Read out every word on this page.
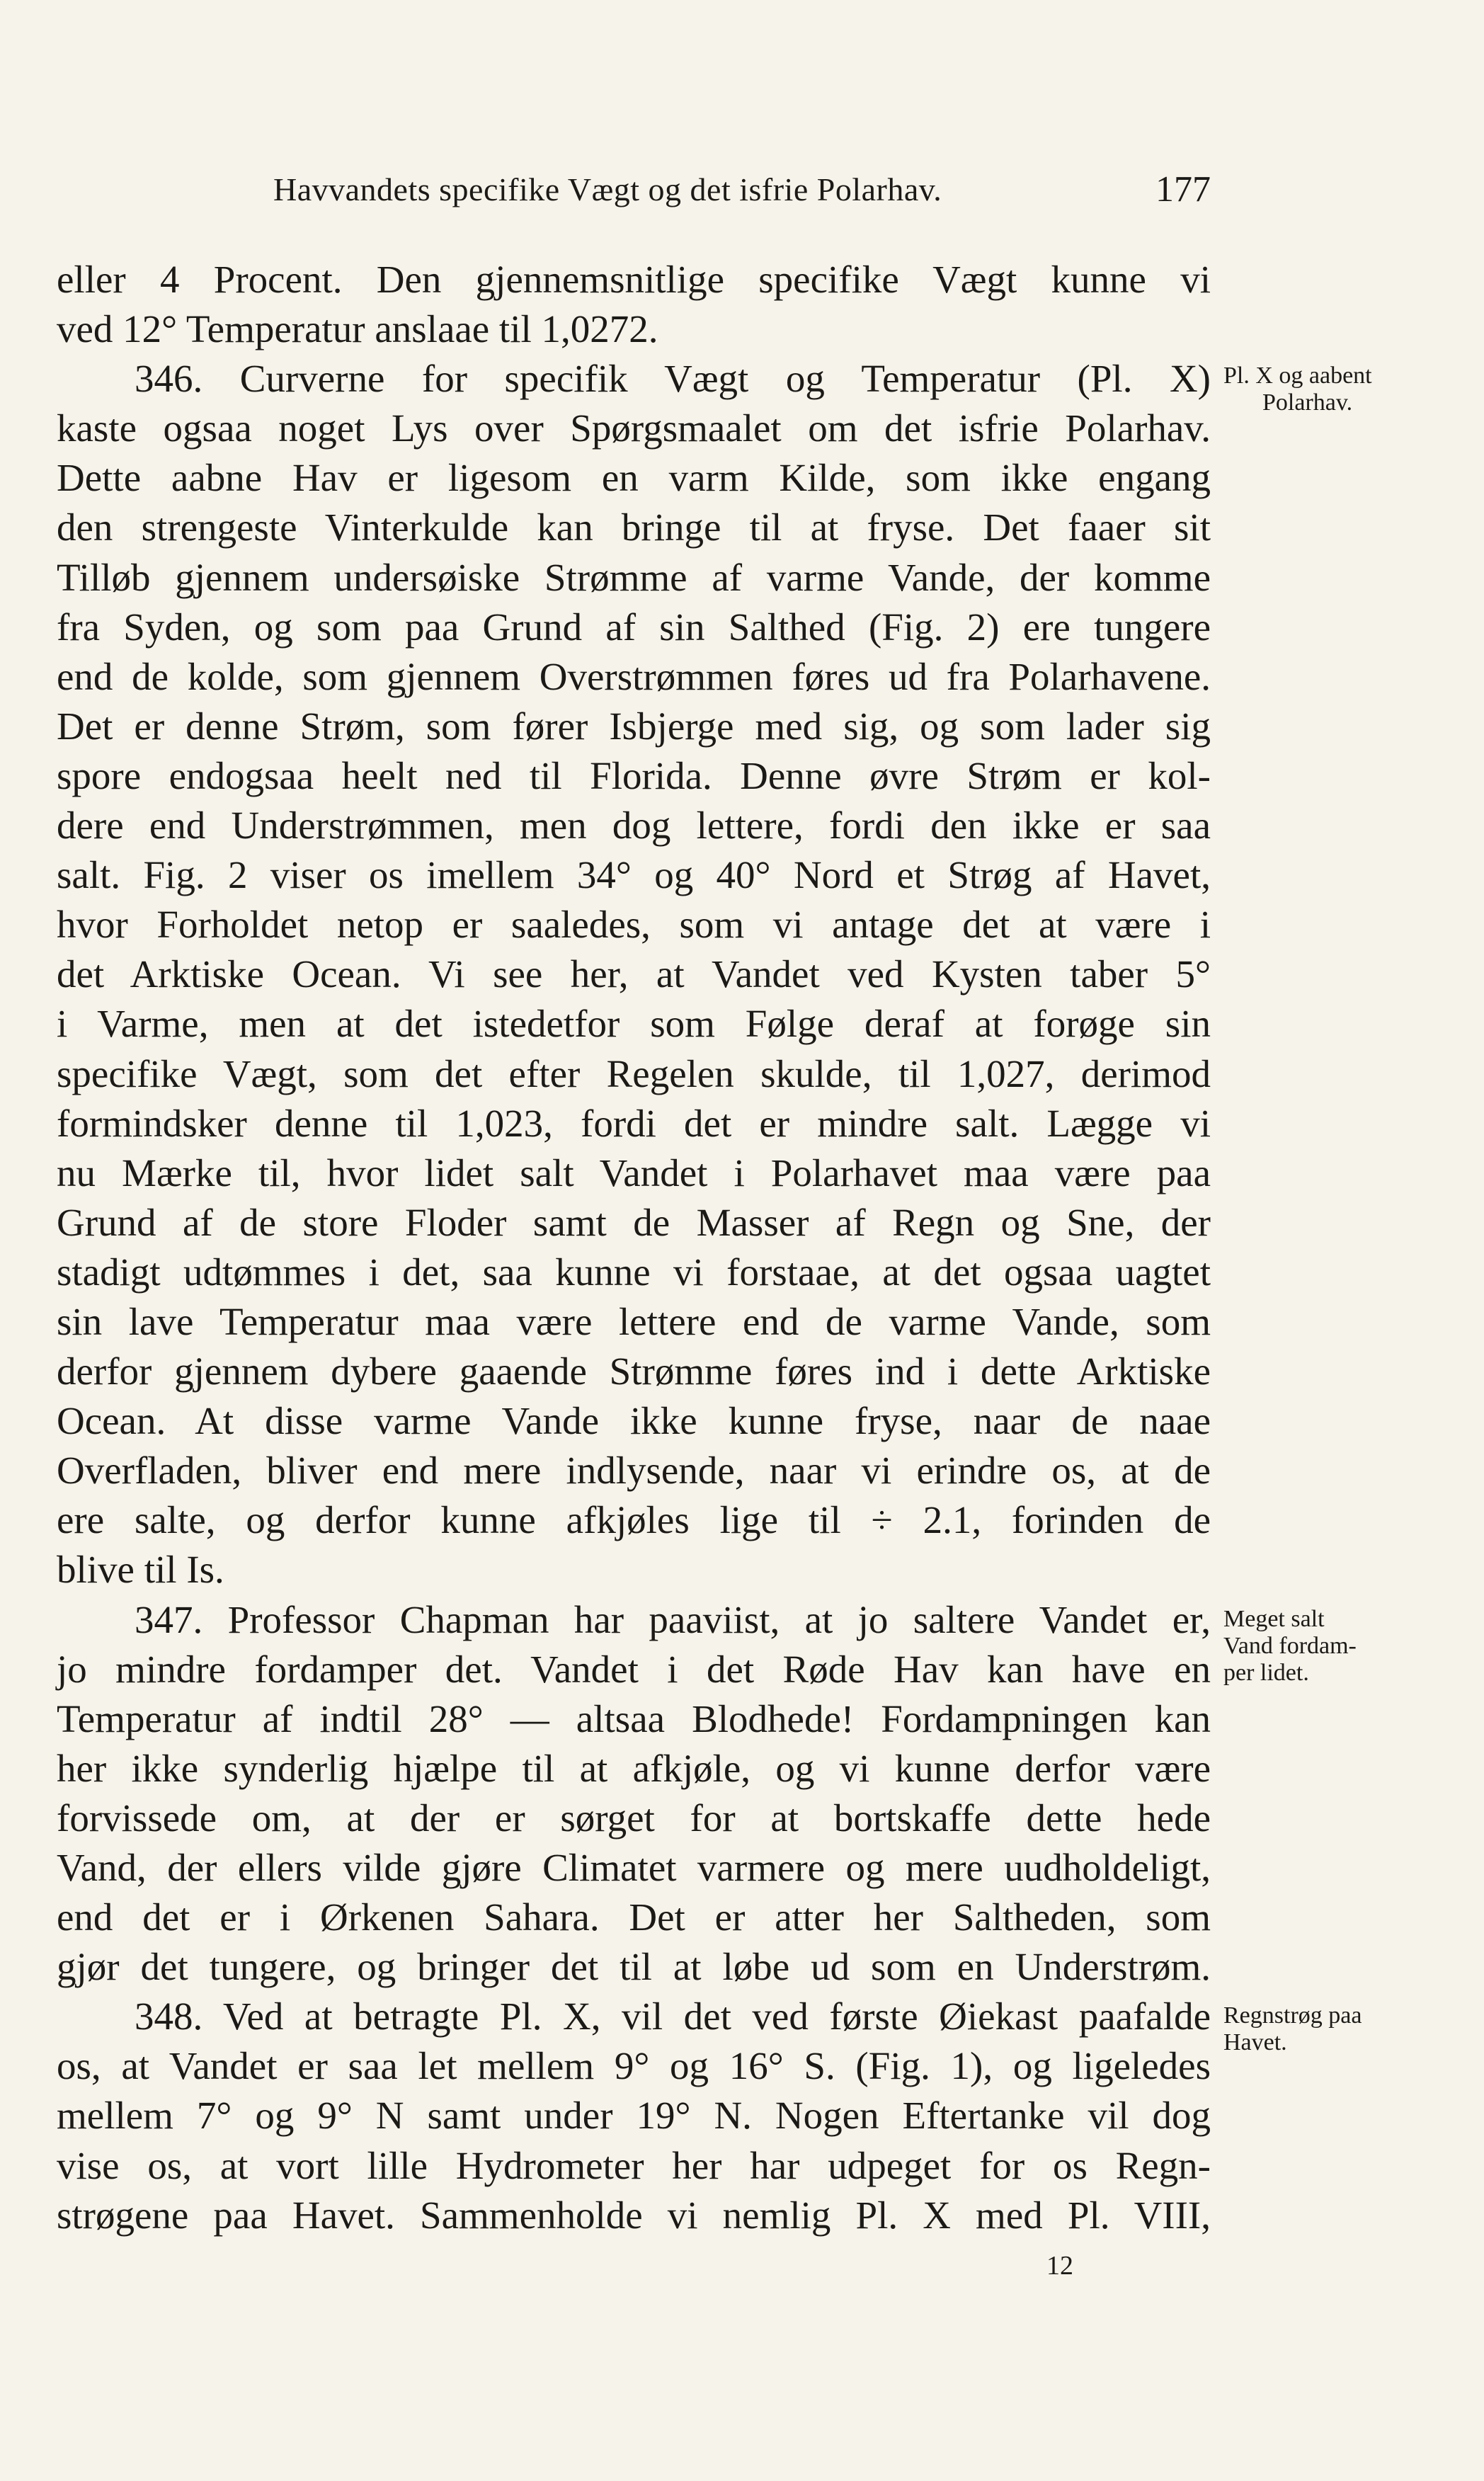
Havvandets specifike Vægt og det isfrie Polarhav.	177
eller 4 Procent. Den gjennemsnitlige specifike Vægt kunne vi
ved 12° Temperatur anslaae til 1,0272.
346. Curverne for specifik Vægt og Temperatur (Pl. X)
kaste ogsaa noget Lys over Spørgsmaalet om det isfrie Polarhav.
Dette aabne Hav er ligesom en varm Kilde, som ikke engang
den strengeste Vinterkulde kan bringe til at fryse. Det faaer sit
Tilløb gjennem undersøiske Strømme af varme Vande, der komme
fra Syden, og som paa Grund af sin Salthed (Fig. 2) ere tungere
end de kolde, som gjennem Overstrømmen føres ud fra Polarhavene.
Det er denne Strøm, som fører Isbjerge med sig, og som lader sig
spore endogsaa heelt ned til Florida. Denne øvre Strøm er kol-
dere end Understrømmen, men dog lettere, fordi den ikke er saa
salt. Fig. 2 viser os imellem 34° og 40° Nord et Strøg af Havet,
hvor Forholdet netop er saaledes, som vi antage det at være i
det Arktiske Ocean. Vi see her, at Vandet ved Kysten taber 5°
i Varme, men at det istedetfor som Følge deraf at forøge sin
specifike Vægt, som det efter Regelen skulde, til 1,027, derimod
formindsker denne til 1,023, fordi det er mindre salt. Lægge vi
nu Mærke til, hvor lidet salt Vandet i Polarhavet maa være paa
Grund af de store Floder samt de Masser af Regn og Sne, der
stadigt udtømmes i det, saa kunne vi forstaae, at det ogsaa uagtet
sin lave Temperatur maa være lettere end de varme Vande, som
derfor gjennem dybere gaaende Strømme føres ind i dette Arktiske
Ocean. At disse varme Vande ikke kunne fryse, naar de naae
Overfladen, bliver end mere indlysende, naar vi erindre os, at de
ere salte, og derfor kunne afkjøles lige til ÷ 2.1, forinden de
blive til Is.
347. Professor Chapman har paaviist, at jo saltere Vandet er,
jo mindre fordamper det. Vandet i det Røde Hav kan have en
Temperatur af indtil 28° — altsaa Blodhede! Fordampningen kan
her ikke synderlig hjælpe til at afkjøle, og vi kunne derfor være
forvissede om, at der er sørget for at bortskaffe dette hede
Vand, der ellers vilde gjøre Climatet varmere og mere uudholdeligt,
end det er i Ørkenen Sahara. Det er atter her Saltheden, som
gjør det tungere, og bringer det til at løbe ud som en Understrøm.
348. Ved at betragte Pl. X, vil det ved første Øiekast paafalde
os, at Vandet er saa let mellem 9° og 16° S. (Fig. 1), og ligeledes
mellem 7° og 9° N samt under 19° N. Nogen Eftertanke vil dog
vise os, at vort lille Hydrometer her har udpeget for os Regn-
strøgene paa Havet. Sammenholde vi nemlig Pl. X med Pl. VIII,
Pl. X og aabent
Polarhav.
Meget salt
Vand fordam-
per lidet.
Regnstrøg paa
Havet.
12
